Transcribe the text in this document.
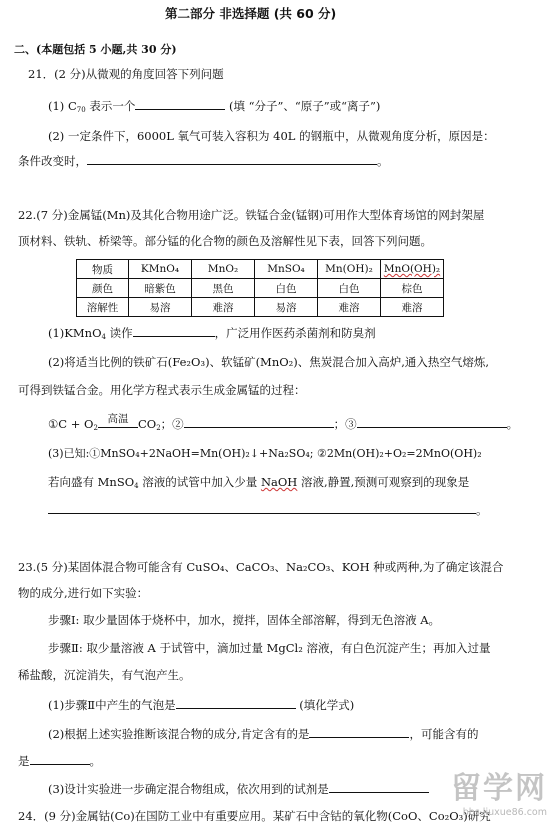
第二部分 非选择题 (共 60 分)
二、(本题包括 5 小题,共 30 分)
21．(2 分)从微观的角度回答下列问题
(1) $C_{70}$ 表示一个	(填 “分子”、“原子”或“离子”)
(2) 一定条件下，6000L 氧气可装入容积为 40L 的钢瓶中，从微观角度分析，原因是：
条件改变时，	。
22.(7 分)金属锰(Mn)及其化合物用途广泛。铁锰合金(锰钢)可用作大型体育场馆的网封架屋
顶材料、铁轨、桥梁等。部分锰的化合物的颜色及溶解性见下表，回答下列问题。
物质	KMnO₄	MnO₂	MnSO₄	Mn(OH)₂	MnO(OH)₂
颜色	暗紫色	黑色	白色	白色	棕色
溶解性	易溶	难溶	易溶	难溶	难溶
(1)KMnO$_4$ 读作	，广泛用作医药杀菌剂和防臭剂
(2)将适当比例的铁矿石(Fe₂O₃)、软锰矿(MnO₂)、焦炭混合加入高炉,通入热空气熔炼,
可得到铁锰合金。用化学方程式表示生成金属锰的过程：
①C + $O_2$
高温 $CO_2$；②	；③	。
(3)已知:①MnSO₄+2NaOH=Mn(OH)₂↓+Na₂SO₄; ②2Mn(OH)₂+O₂=2MnO(OH)₂
若向盛有 MnSO$_4$ 溶液的试管中加入少量 NaOH 溶液,静置,预测可观察到的现象是
。
23.(5 分)某固体混合物可能含有 CuSO₄、CaCO₃、Na₂CO₃、KOH 种或两种,为了确定该混合
物的成分,进行如下实验：
步骤Ⅰ: 取少量固体于烧杯中，加水，搅拌，固体全部溶解，得到无色溶液 A。
步骤Ⅱ: 取少量溶液 A 于试管中，滴加过量 MgCl₂ 溶液，有白色沉淀产生；再加入过量
稀盐酸，沉淀消失，有气泡产生。
(1)步骤Ⅱ中产生的气泡是	(填化学式)
(2)根据上述实验推断该混合物的成分,肯定含有的是	，可能含有的
是	。
(3)设计实验进一步确定混合物组成，依次用到的试剂是
24．(9 分)金属钴(Co)在国防工业中有重要应用。某矿石中含钴的氧化物(CoO、Co₂O₃)研究
留学网
bbs.liuxue86.com
